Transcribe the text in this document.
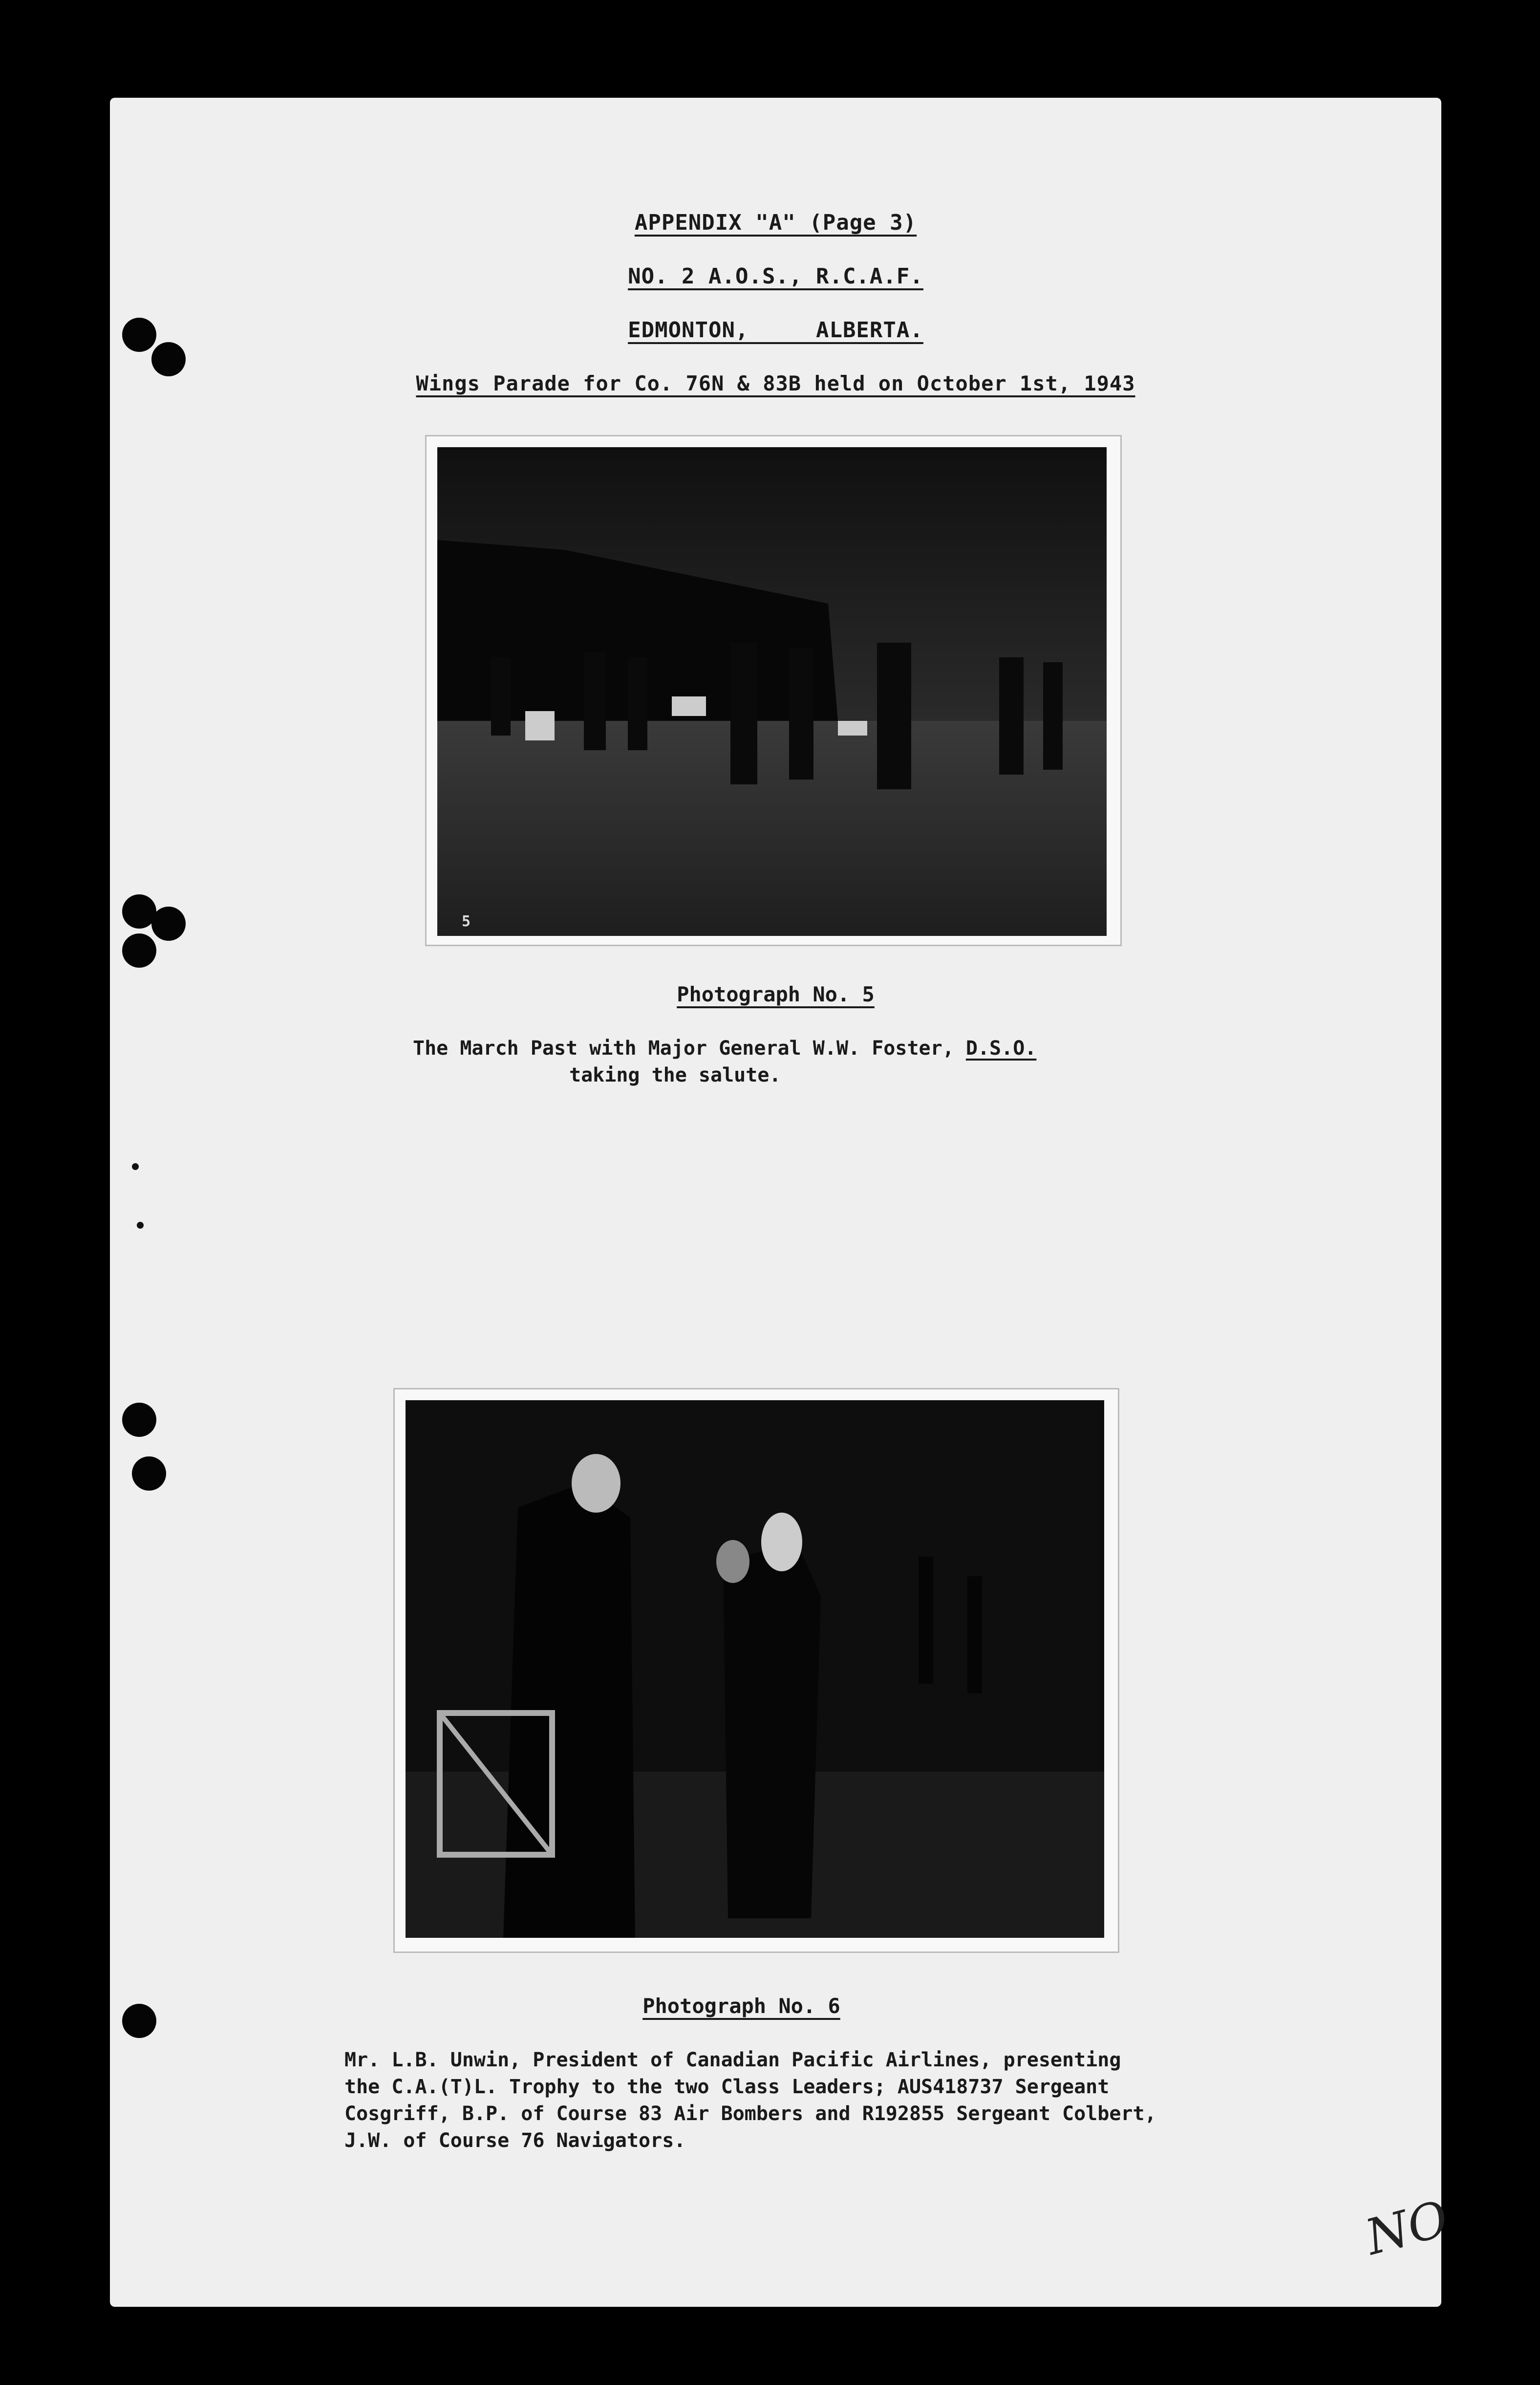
APPENDIX "A" (Page 3)
NO. 2 A.O.S., R.C.A.F.
EDMONTON,     ALBERTA.
Wings Parade for Co. 76N & 83B held on October 1st, 1943
5
Photograph No. 5
The March Past with Major General W.W. Foster, D.S.O.
taking the salute.
Photograph No. 6
Mr. L.B. Unwin, President of Canadian Pacific Airlines, presenting
the C.A.(T)L. Trophy to the two Class Leaders; AUS418737 Sergeant
Cosgriff, B.P. of Course 83 Air Bombers and R192855 Sergeant Colbert,
J.W. of Course 76 Navigators.
NO
